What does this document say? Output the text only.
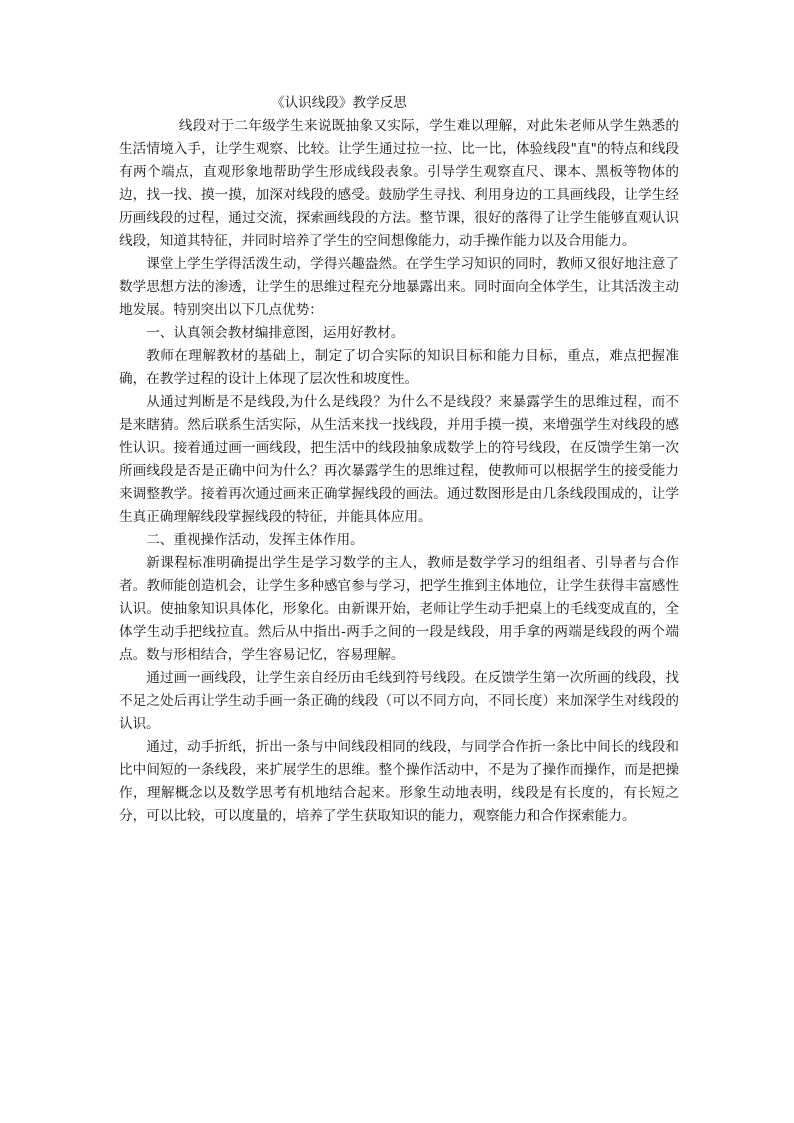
《认识线段》教学反思

线段对于二年级学生来说既抽象又实际，学生难以理解，对此朱老师从学生熟悉的生活情境入手，让学生观察、比较。让学生通过拉一拉、比一比，体验线段"直"的特点和线段有两个端点，直观形象地帮助学生形成线段表象。引导学生观察直尺、课本、黑板等物体的边，找一找、摸一摸，加深对线段的感受。鼓励学生寻找、利用身边的工具画线段，让学生经历画线段的过程，通过交流，探索画线段的方法。整节课，很好的落得了让学生能够直观认识线段，知道其特征，并同时培养了学生的空间想像能力，动手操作能力以及合用能力。

课堂上学生学得活泼生动，学得兴趣盎然。在学生学习知识的同时，教师又很好地注意了数学思想方法的渗透，让学生的思维过程充分地暴露出来。同时面向全体学生，让其活泼主动地发展。特别突出以下几点优势：

一、认真领会教材编排意图，运用好教材。

教师在理解教材的基础上，制定了切合实际的知识目标和能力目标，重点，难点把握准确，在教学过程的设计上体现了层次性和坡度性。

从通过判断是不是线段,为什么是线段？为什么不是线段？来暴露学生的思维过程，而不是来瞎猜。然后联系生活实际，从生活来找一找线段，并用手摸一摸，来增强学生对线段的感性认识。接着通过画一画线段，把生活中的线段抽象成数学上的符号线段，在反馈学生第一次所画线段是否是正确中问为什么？再次暴露学生的思维过程，使教师可以根据学生的接受能力来调整教学。接着再次通过画来正确掌握线段的画法。通过数图形是由几条线段围成的，让学生真正确理解线段掌握线段的特征，并能具体应用。

二、重视操作活动，发挥主体作用。

新课程标准明确提出学生是学习数学的主人，教师是数学学习的组组者、引导者与合作者。教师能创造机会，让学生多种感官参与学习，把学生推到主体地位，让学生获得丰富感性认识。使抽象知识具体化，形象化。由新课开始，老师让学生动手把桌上的毛线变成直的，全体学生动手把线拉直。然后从中指出-两手之间的一段是线段，用手拿的两端是线段的两个端点。数与形相结合，学生容易记忆，容易理解。

通过画一画线段，让学生亲自经历由毛线到符号线段。在反馈学生第一次所画的线段，找不足之处后再让学生动手画一条正确的线段（可以不同方向，不同长度）来加深学生对线段的认识。

通过，动手折纸，折出一条与中间线段相同的线段，与同学合作折一条比中间长的线段和比中间短的一条线段，来扩展学生的思维。整个操作活动中，不是为了操作而操作，而是把操作，理解概念以及数学思考有机地结合起来。形象生动地表明，线段是有长度的，有长短之分，可以比较，可以度量的，培养了学生获取知识的能力，观察能力和合作探索能力。
